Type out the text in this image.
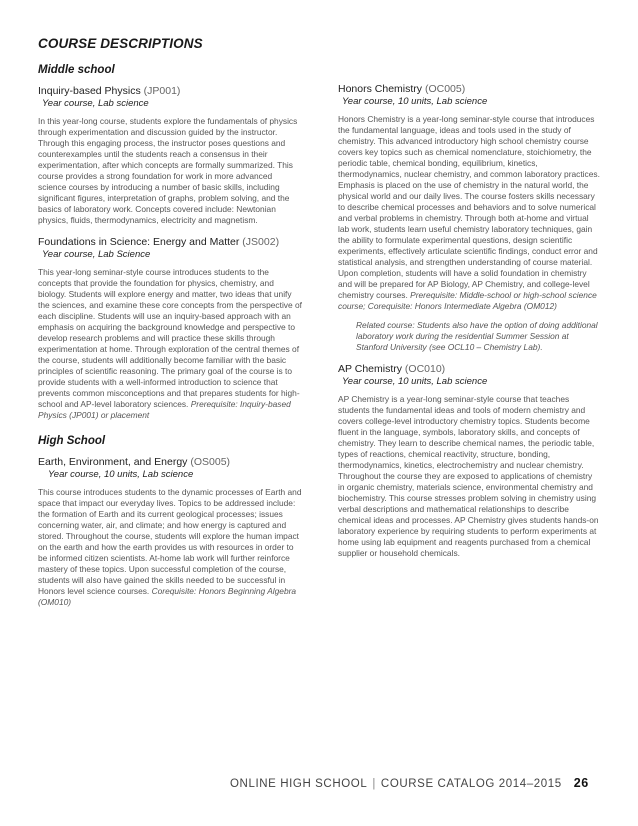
COURSE DESCRIPTIONS
Middle school

Inquiry-based Physics (JP001)

Year course, Lab science

In this year-long course, students explore the fundamentals of physics through experimentation and discussion guided by the instructor. Through this engaging process, the instructor poses questions and counterexamples until the students reach a consensus in their experimentation, after which concepts are formally summarized. This course provides a strong foundation for work in more advanced science courses by introducing a number of basic skills, including significant figures, interpretation of graphs, problem solving, and the basics of laboratory work. Concepts covered include: Newtonian physics, fluids, thermodynamics, electricity and magnetism.

Foundations in Science: Energy and Matter (JS002)

Year course, Lab Science

This year-long seminar-style course introduces students to the concepts that provide the foundation for physics, chemistry, and biology. Students will explore energy and matter, two ideas that unify the sciences, and examine these core concepts from the perspective of each discipline. Students will use an inquiry-based approach with an emphasis on acquiring the background knowledge and perspective to develop research problems and will practice these skills through experimentation at home. Through exploration of the central themes of the course, students will additionally become familiar with the basic principles of scientific reasoning. The primary goal of the course is to provide students with a well-informed introduction to science that prevents common misconceptions and that prepares students for high-school and AP-level laboratory sciences. Prerequisite: Inquiry-based Physics (JP001) or placement

High School

Earth, Environment, and Energy (OS005)

Year course, 10 units, Lab science

This course introduces students to the dynamic processes of Earth and space that impact our everyday lives. Topics to be addressed include: the formation of Earth and its current geological processes; issues concerning water, air, and climate; and how energy is captured and stored. Throughout the course, students will explore the human impact on the earth and how the earth provides us with resources in order to be informed citizen scientists. At-home lab work will further reinforce mastery of these topics. Upon successful completion of the course, students will also have gained the skills needed to be successful in Honors level science courses. Corequisite: Honors Beginning Algebra (OM010)

Honors Chemistry (OC005)

Year course, 10 units, Lab science

Honors Chemistry is a year-long seminar-style course that introduces the fundamental language, ideas and tools used in the study of chemistry. This advanced introductory high school chemistry course covers key topics such as chemical nomenclature, stoichiometry, the periodic table, chemical bonding, equilibrium, kinetics, thermodynamics, nuclear chemistry, and common laboratory practices. Emphasis is placed on the use of chemistry in the natural world, the physical world and our daily lives. The course fosters skills necessary to describe chemical processes and behaviors and to solve numerical and verbal problems in chemistry. Through both at-home and virtual lab work, students learn useful chemistry laboratory techniques, gain the ability to formulate experimental questions, design scientific experiments, effectively articulate scientific findings, conduct error and statistical analysis, and strengthen understanding of course material. Upon completion, students will have a solid foundation in chemistry and will be prepared for AP Biology, AP Chemistry, and college-level chemistry courses. Prerequisite: Middle-school or high-school science course; Corequisite: Honors Intermediate Algebra (OM012)

Related course: Students also have the option of doing additional laboratory work during the residential Summer Session at Stanford University (see OCL10 – Chemistry Lab).

AP Chemistry (OC010)

Year course, 10 units, Lab science

AP Chemistry is a year-long seminar-style course that teaches students the fundamental ideas and tools of modern chemistry and covers college-level introductory chemistry topics. Students become fluent in the language, symbols, laboratory skills, and concepts of chemistry. They learn to describe chemical names, the periodic table, types of reactions, chemical reactivity, structure, bonding, thermodynamics, kinetics, electrochemistry and nuclear chemistry. Throughout the course they are exposed to applications of chemistry in organic chemistry, materials science, environmental chemistry and biochemistry. This course stresses problem solving in chemistry using verbal descriptions and mathematical relationships to describe chemical ideas and processes. AP Chemistry gives students hands-on laboratory experience by requiring students to perform experiments at home using lab equipment and reagents purchased from a chemical supplier or household chemicals.

ONLINE HIGH SCHOOL | COURSE CATALOG 2014–2015 26
